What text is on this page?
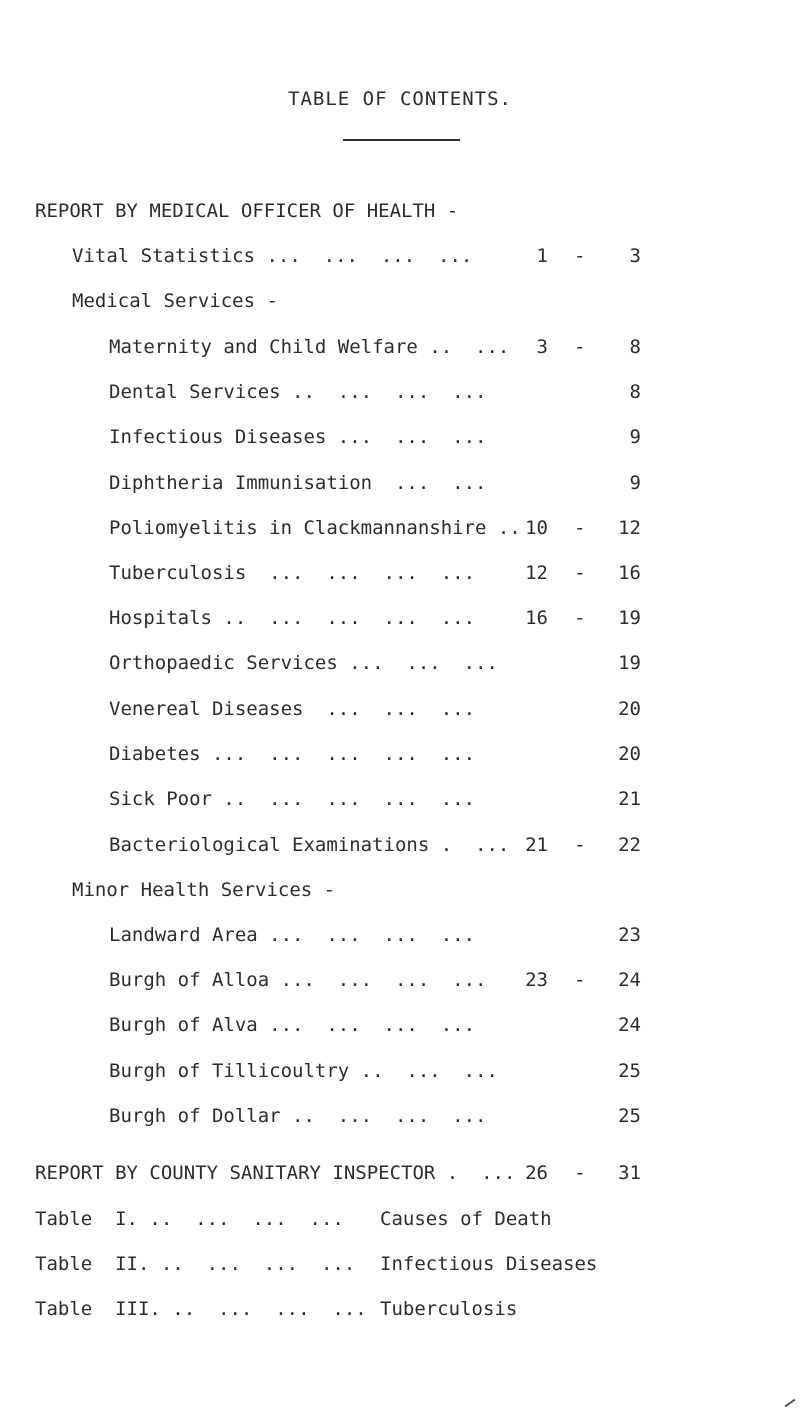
TABLE OF CONTENTS.
REPORT BY MEDICAL OFFICER OF HEALTH -
Vital Statistics ...  ...  ...  ...	1 -	3
Medical Services -
Maternity and Child Welfare ..  ...	3 -	8
Dental Services ..  ...  ...  ...	8
Infectious Diseases ...  ...  ...	9
Diphtheria Immunisation  ...  ...	9
Poliomyelitis in Clackmannanshire .. 10 -	12
Tuberculosis  ...  ...  ...  ...	12 -	16
Hospitals ..  ...  ...  ...  ...	16 -	19
Orthopaedic Services ...  ...  ...	19
Venereal Diseases  ...  ...  ...	20
Diabetes ...  ...  ...  ...  ...	20
Sick Poor ..  ...  ...  ...  ...	21
Bacteriological Examinations .  ... 21 -	22
Minor Health Services -
Landward Area ...  ...  ...  ...	23
Burgh of Alloa ...  ...  ...  ...	23 -	24
Burgh of Alva ...  ...  ...  ...	24
Burgh of Tillicoultry ..  ...  ...	25
Burgh of Dollar ..  ...  ...  ...	25
REPORT BY COUNTY SANITARY INSPECTOR .  ... 26 -	31
Table  I. ..  ...  ...  ... Causes of Death
Table  II. ..  ...  ...  ... Infectious Diseases
Table  III. ..  ...  ...  ... Tuberculosis
